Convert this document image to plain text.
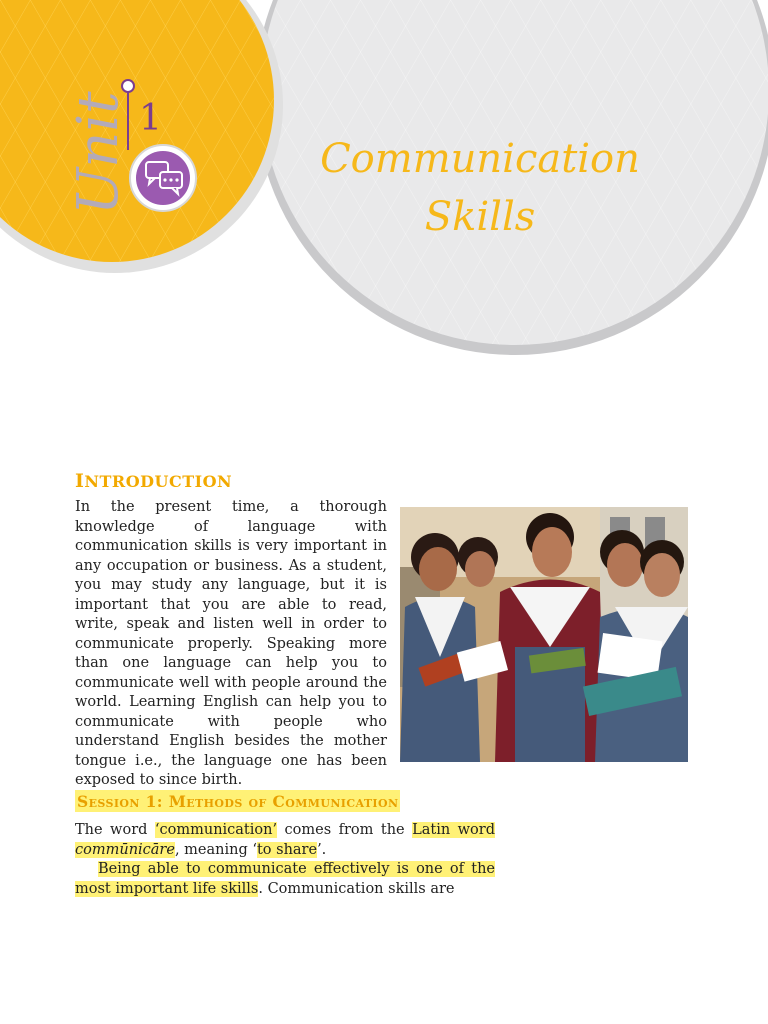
Unit 1
Communication
Skills
INTRODUCTION

In the present time, a thorough knowledge of language with communication skills is very important in any occupation or business. As a student, you may study any language, but it is important that you are able to read, write, speak and listen well in order to communicate properly. Speaking more than one language can help you to communicate well with people around the world. Learning English can help you to communicate with people who understand English besides the mother tongue i.e., the language one has been exposed to since birth.

Session 1: Methods of Communication

The word ‘communication’ comes from the Latin word commūnicāre, meaning ‘to share’.

Being able to communicate effectively is one of the most important life skills. Communication skills are
